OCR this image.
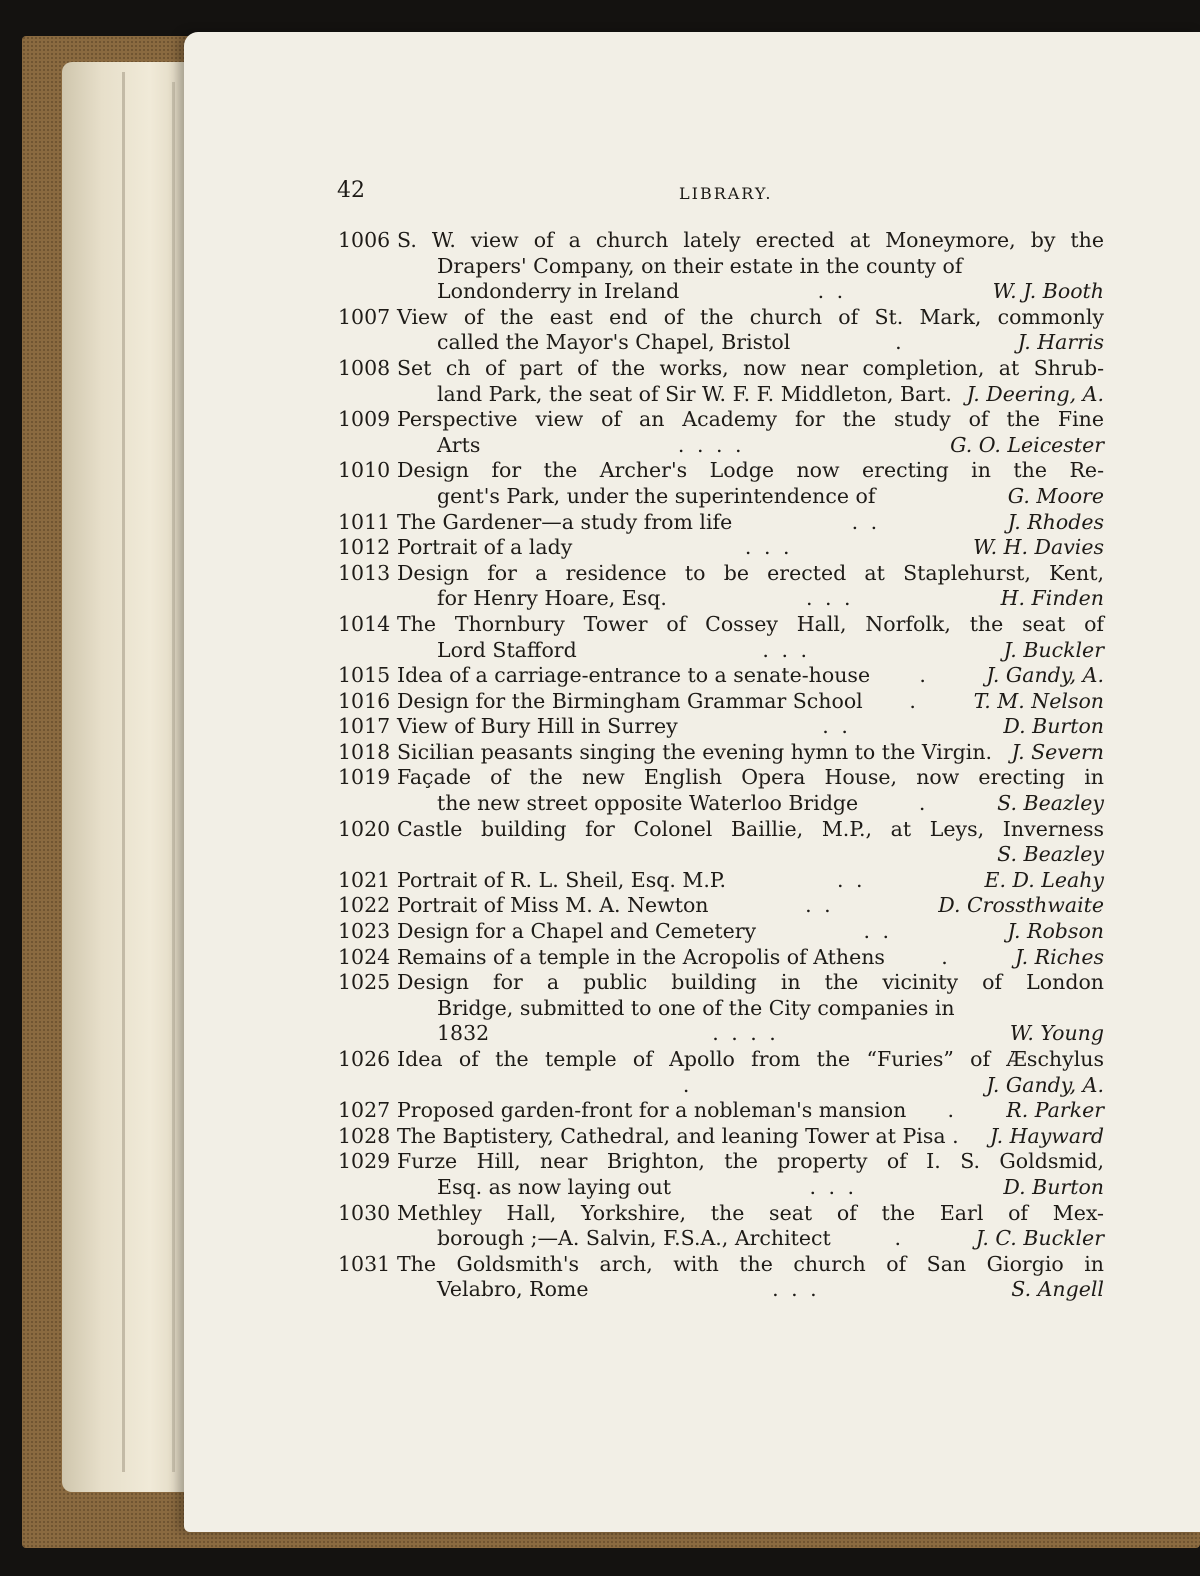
42	LIBRARY.
1006 S. W. view of a church lately erected at Moneymore, by the
Drapers' Company, on their estate in the county of
Londonderry in Ireland	. .	W. J. Booth
1007 View of the east end of the church of St. Mark, commonly
called the Mayor's Chapel, Bristol	.	J. Harris
1008 Set ch of part of the works, now near completion, at Shrub-
land Park, the seat of Sir W. F. F. Middleton, Bart. J. Deering, A.
1009 Perspective view of an Academy for the study of the Fine
Arts	. . . .	G. O. Leicester
1010 Design for the Archer's Lodge now erecting in the Re-
gent's Park, under the superintendence of	G. Moore
1011 The Gardener—a study from life	. .	J. Rhodes
1012 Portrait of a lady	. . .	W. H. Davies
1013 Design for a residence to be erected at Staplehurst, Kent,
for Henry Hoare, Esq.	. . .	H. Finden
1014 The Thornbury Tower of Cossey Hall, Norfolk, the seat of
Lord Stafford	. . .	J. Buckler
1015 Idea of a carriage-entrance to a senate-house	.	J. Gandy, A.
1016 Design for the Birmingham Grammar School	.	T. M. Nelson
1017 View of Bury Hill in Surrey	. .	D. Burton
1018 Sicilian peasants singing the evening hymn to the Virgin. J. Severn
1019 Façade of the new English Opera House, now erecting in
the new street opposite Waterloo Bridge	.	S. Beazley
1020 Castle building for Colonel Baillie, M.P., at Leys, Inverness
S. Beazley
1021 Portrait of R. L. Sheil, Esq. M.P.	. .	E. D. Leahy
1022 Portrait of Miss M. A. Newton	. .	D. Crossthwaite
1023 Design for a Chapel and Cemetery	. .	J. Robson
1024 Remains of a temple in the Acropolis of Athens	.	J. Riches
1025 Design for a public building in the vicinity of London
Bridge, submitted to one of the City companies in
1832	. . . .	W. Young
1026 Idea of the temple of Apollo from the “Furies” of Æschylus
.	J. Gandy, A.
1027 Proposed garden-front for a nobleman's mansion	.	R. Parker
1028 The Baptistery, Cathedral, and leaning Tower at Pisa .	J. Hayward
1029 Furze Hill, near Brighton, the property of I. S. Goldsmid,
Esq. as now laying out	. . .	D. Burton
1030 Methley Hall, Yorkshire, the seat of the Earl of Mex-
borough ;—A. Salvin, F.S.A., Architect	.	J. C. Buckler
1031 The Goldsmith's arch, with the church of San Giorgio in
Velabro, Rome	. . .	S. Angell
